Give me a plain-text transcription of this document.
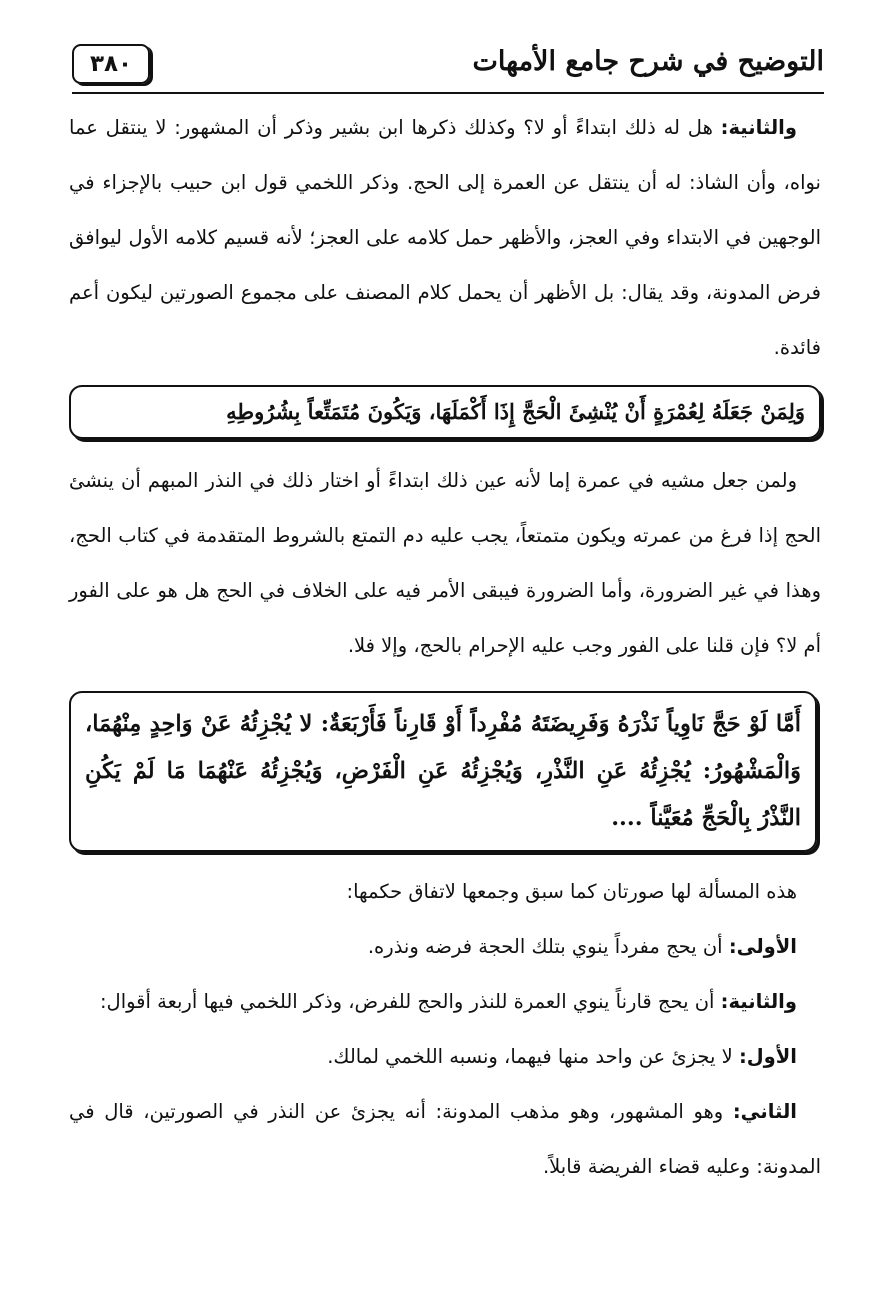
التوضيح في شرح جامع الأمهات
٣٨٠

والثانية: هل له ذلك ابتداءً أو لا؟ وكذلك ذكرها ابن بشير وذكر أن المشهور: لا ينتقل عما نواه، وأن الشاذ: له أن ينتقل عن العمرة إلى الحج. وذكر اللخمي قول ابن حبيب بالإجزاء في الوجهين في الابتداء وفي العجز، والأظهر حمل كلامه على العجز؛ لأنه قسيم كلامه الأول ليوافق فرض المدونة، وقد يقال: بل الأظهر أن يحمل كلام المصنف على مجموع الصورتين ليكون أعم فائدة.

وَلِمَنْ جَعَلَهُ لِعُمْرَةٍ أَنْ يُنْشِئَ الْحَجَّ إِذَا أَكْمَلَهَا، وَيَكُونَ مُتَمَتِّعاً بِشُرُوطِهِ

ولمن جعل مشيه في عمرة إما لأنه عين ذلك ابتداءً أو اختار ذلك في النذر المبهم أن ينشئ الحج إذا فرغ من عمرته ويكون متمتعاً، يجب عليه دم التمتع بالشروط المتقدمة في كتاب الحج، وهذا في غير الضرورة، وأما الضرورة فيبقى الأمر فيه على الخلاف في الحج هل هو على الفور أم لا؟ فإن قلنا على الفور وجب عليه الإحرام بالحج، وإلا فلا.

أَمَّا لَوْ حَجَّ نَاوِياً نَذْرَهُ وَفَرِيضَتَهُ مُفْرِداً أَوْ قَارِناً فَأَرْبَعَةٌ: لا يُجْزِئُهُ عَنْ وَاحِدٍ مِنْهُمَا، وَالْمَشْهُورُ: يُجْزِئُهُ عَنِ النَّذْرِ، وَيُجْزِئُهُ عَنِ الْفَرْضِ، وَيُجْزِئُهُ عَنْهُمَا مَا لَمْ يَكُنِ النَّذْرُ بِالْحَجِّ مُعَيَّناً ....

هذه المسألة لها صورتان كما سبق وجمعها لاتفاق حكمها:

الأولى: أن يحج مفرداً ينوي بتلك الحجة فرضه ونذره.

والثانية: أن يحج قارناً ينوي العمرة للنذر والحج للفرض، وذكر اللخمي فيها أربعة أقوال:

الأول: لا يجزئ عن واحد منها فيهما، ونسبه اللخمي لمالك.

الثاني: وهو المشهور، وهو مذهب المدونة: أنه يجزئ عن النذر في الصورتين، قال في المدونة: وعليه قضاء الفريضة قابلاً.
